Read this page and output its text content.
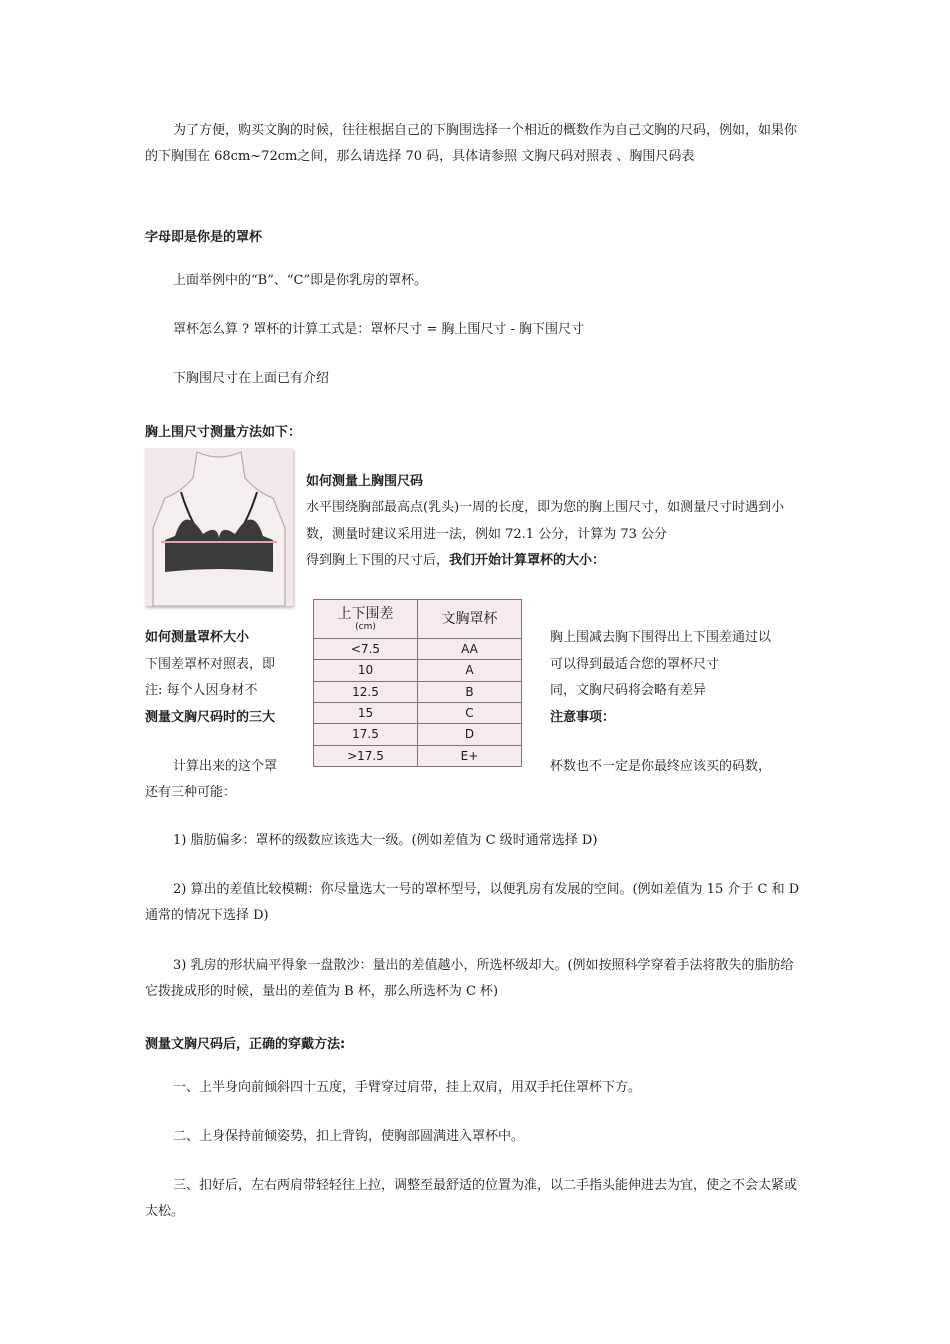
为了方便，购买文胸的时候，往往根据自己的下胸围选择一个相近的概数作为自己文胸的尺码，例如，如果你的下胸围在 68cm~72cm之间，那么请选择 70 码，具体请参照 文胸尺码对照表 、胸围尺码表
字母即是你是的罩杯
上面举例中的“B”、“C”即是你乳房的罩杯。
罩杯怎么算 ? 罩杯的计算工式是：罩杯尺寸 = 胸上围尺寸 - 胸下围尺寸
下胸围尺寸在上面已有介绍
胸上围尺寸测量方法如下：
如何测量上胸围尺码
水平围绕胸部最高点(乳头)一周的长度，即为您的胸上围尺寸，如测量尺寸时遇到小数，测量时建议采用进一法，例如 72.1 公分，计算为 73 公分
得到胸上下围的尺寸后，我们开始计算罩杯的大小：
如何测量罩杯大小
下围差罩杯对照表，即
注: 每个人因身材不
测量文胸尺码时的三大
计算出来的这个罩
上下围差
(cm)	文胸罩杯
<7.5	AA
10	A
12.5	B
15	C
17.5	D
>17.5	E+
胸上围减去胸下围得出上下围差通过以
可以得到最适合您的罩杯尺寸
同，文胸尺码将会略有差异
注意事项：
杯数也不一定是你最终应该买的码数，
还有三种可能：
1) 脂肪偏多：罩杯的级数应该选大一级。(例如差值为 C 级时通常选择 D)
2) 算出的差值比较模糊：你尽量选大一号的罩杯型号，以便乳房有发展的空间。(例如差值为 15 介于 C 和 D 通常的情况下选择 D)
3) 乳房的形状扁平得象一盘散沙：量出的差值越小，所选杯级却大。(例如按照科学穿着手法将散失的脂肪给它拨拢成形的时候，量出的差值为 B 杯，那么所选杯为 C 杯)
测量文胸尺码后，正确的穿戴方法:
一、上半身向前倾斜四十五度，手臂穿过肩带，挂上双肩，用双手托住罩杯下方。
二、上身保持前倾姿势，扣上背钩，使胸部圆满进入罩杯中。
三、扣好后，左右两肩带轻轻往上拉，调整至最舒适的位置为准，以二手指头能伸进去为宜，使之不会太紧或太松。
